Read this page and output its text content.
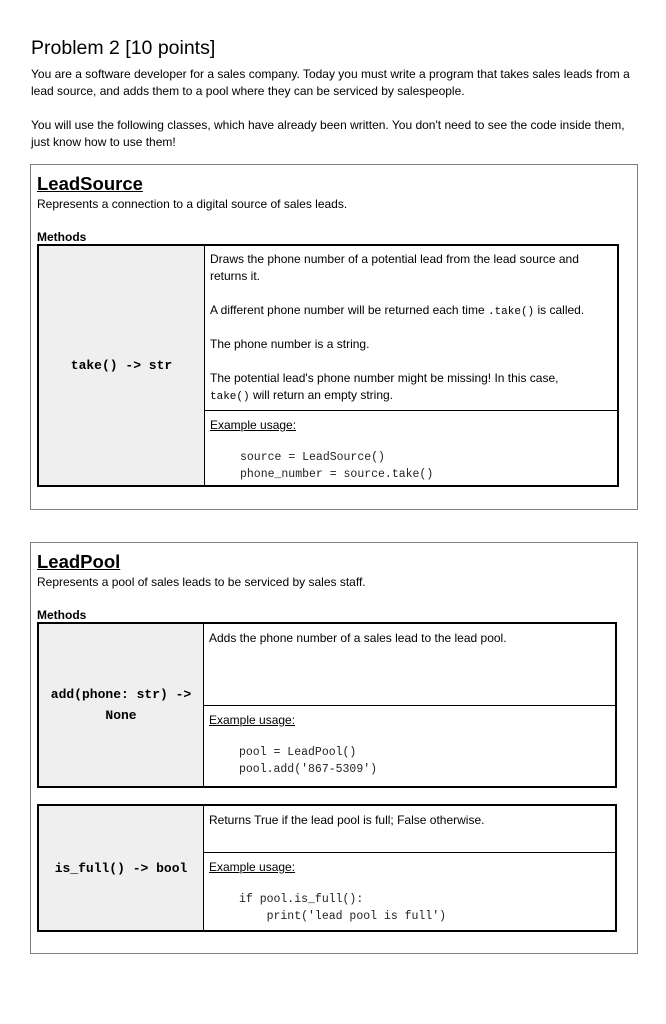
Problem 2 [10 points]

You are a software developer for a sales company. Today you must write a program that takes sales leads from a lead source, and adds them to a pool where they can be serviced by salespeople.

You will use the following classes, which have already been written. You don't need to see the code inside them, just know how to use them!

LeadSource
Represents a connection to a digital source of sales leads.
Methods
take() -> str

Draws the phone number of a potential lead from the lead source and returns it.

A different phone number will be returned each time .take() is called.

The phone number is a string.

The potential lead's phone number might be missing! In this case,
take() will return an empty string.

Example usage:

source = LeadSource()
phone_number = source.take()
LeadPool
Represents a pool of sales leads to be serviced by sales staff.
Methods
add(phone: str) ->
None

Adds the phone number of a sales lead to the lead pool.

Example usage:

pool = LeadPool()
pool.add('867-5309')
is_full() -> bool

Returns True if the lead pool is full; False otherwise.

Example usage:

if pool.is_full():
print('lead pool is full')
